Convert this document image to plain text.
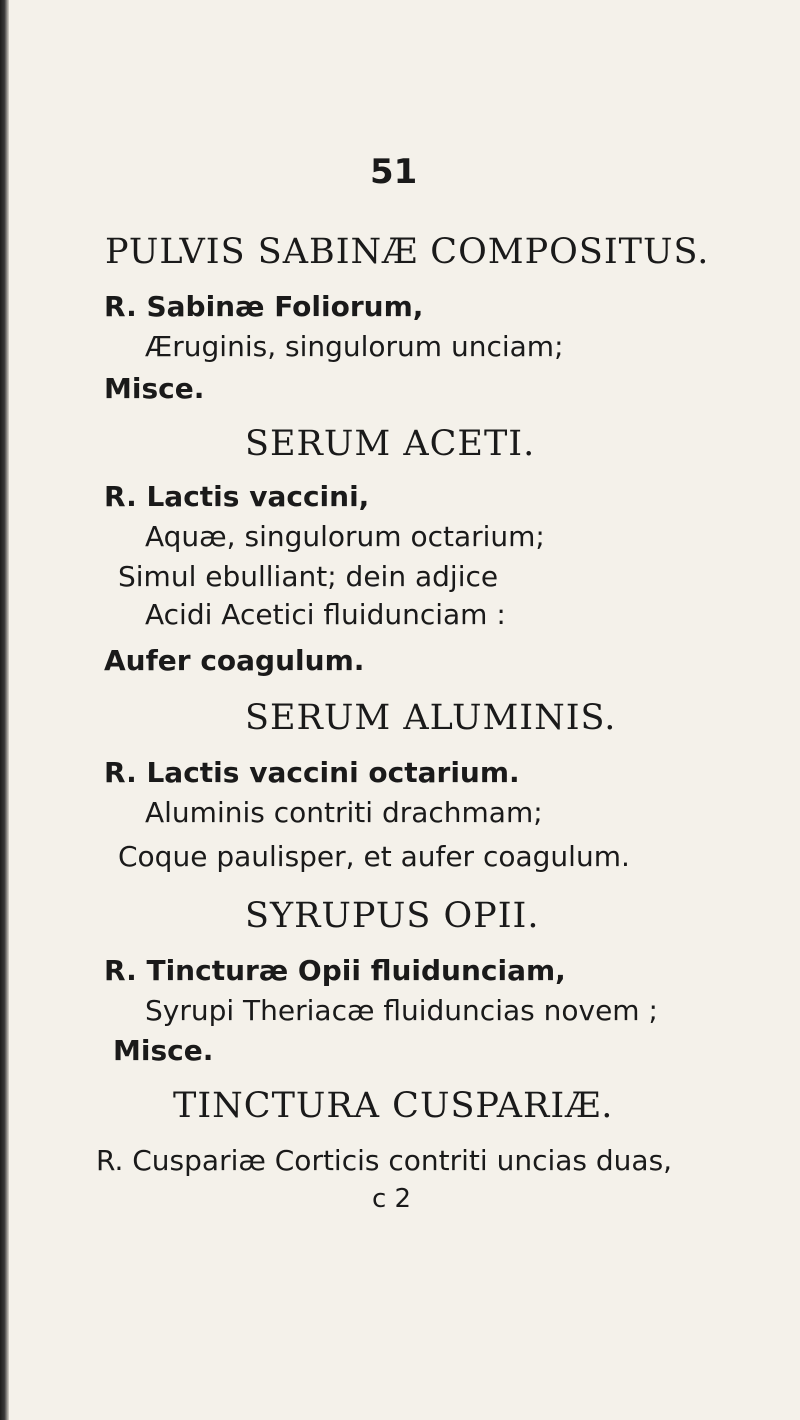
51
PULVIS SABINÆ COMPOSITUS.
R. Sabinæ Foliorum,
Æruginis, singulorum unciam;
Misce.
SERUM ACETI.
R. Lactis vaccini,
Aquæ, singulorum octarium;
Simul ebulliant; dein adjice
Acidi Acetici fluidunciam :
Aufer coagulum.
SERUM ALUMINIS.
R. Lactis vaccini octarium.
Aluminis contriti drachmam;
Coque paulisper, et aufer coagulum.
SYRUPUS OPII.
R. Tincturæ Opii fluidunciam,
Syrupi Theriacæ fluiduncias novem ;
Misce.
TINCTURA CUSPARIÆ.
R. Cuspariæ Corticis contriti uncias duas,
c 2
